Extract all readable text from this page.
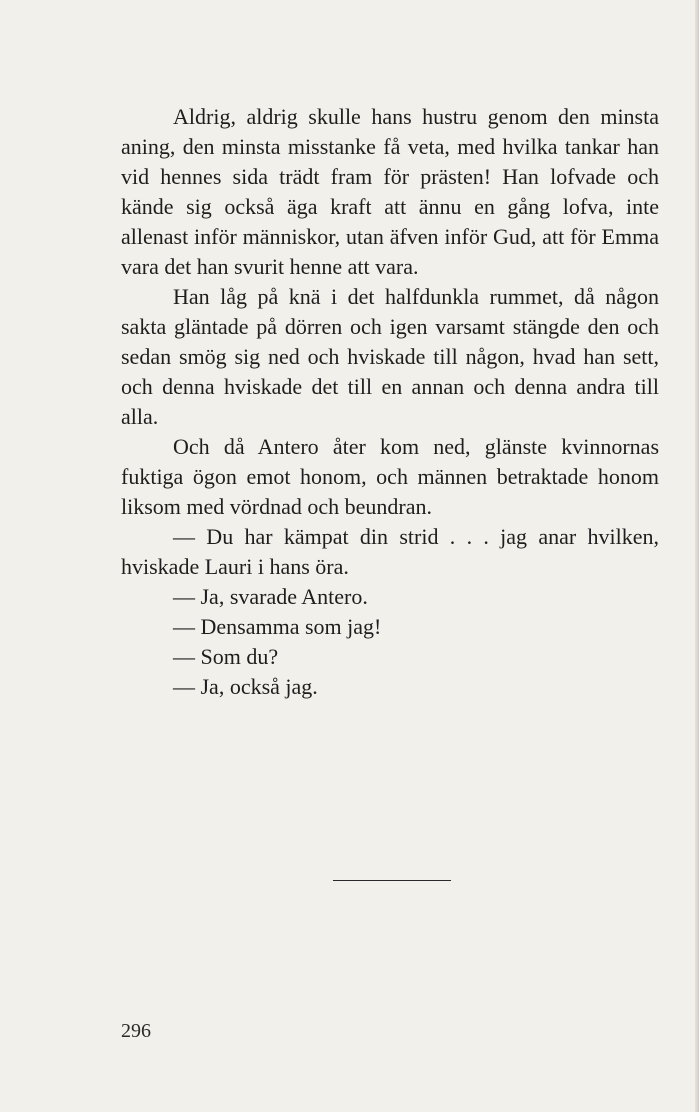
Aldrig, aldrig skulle hans hustru genom den minsta aning, den minsta misstanke få veta, med hvilka tankar han vid hennes sida trädt fram för prästen! Han lofvade och kände sig också äga kraft att ännu en gång lofva, inte allenast inför människor, utan äfven inför Gud, att för Emma vara det han svurit henne att vara.

Han låg på knä i det halfdunkla rummet, då någon sakta gläntade på dörren och igen varsamt stängde den och sedan smög sig ned och hviskade till någon, hvad han sett, och denna hviskade det till en annan och denna andra till alla.

Och då Antero åter kom ned, glänste kvinnornas fuktiga ögon emot honom, och männen betraktade honom liksom med vördnad och beundran.

— Du har kämpat din strid . . . jag anar hvilken, hviskade Lauri i hans öra.

— Ja, svarade Antero.

— Densamma som jag!

— Som du?

— Ja, också jag.

296
